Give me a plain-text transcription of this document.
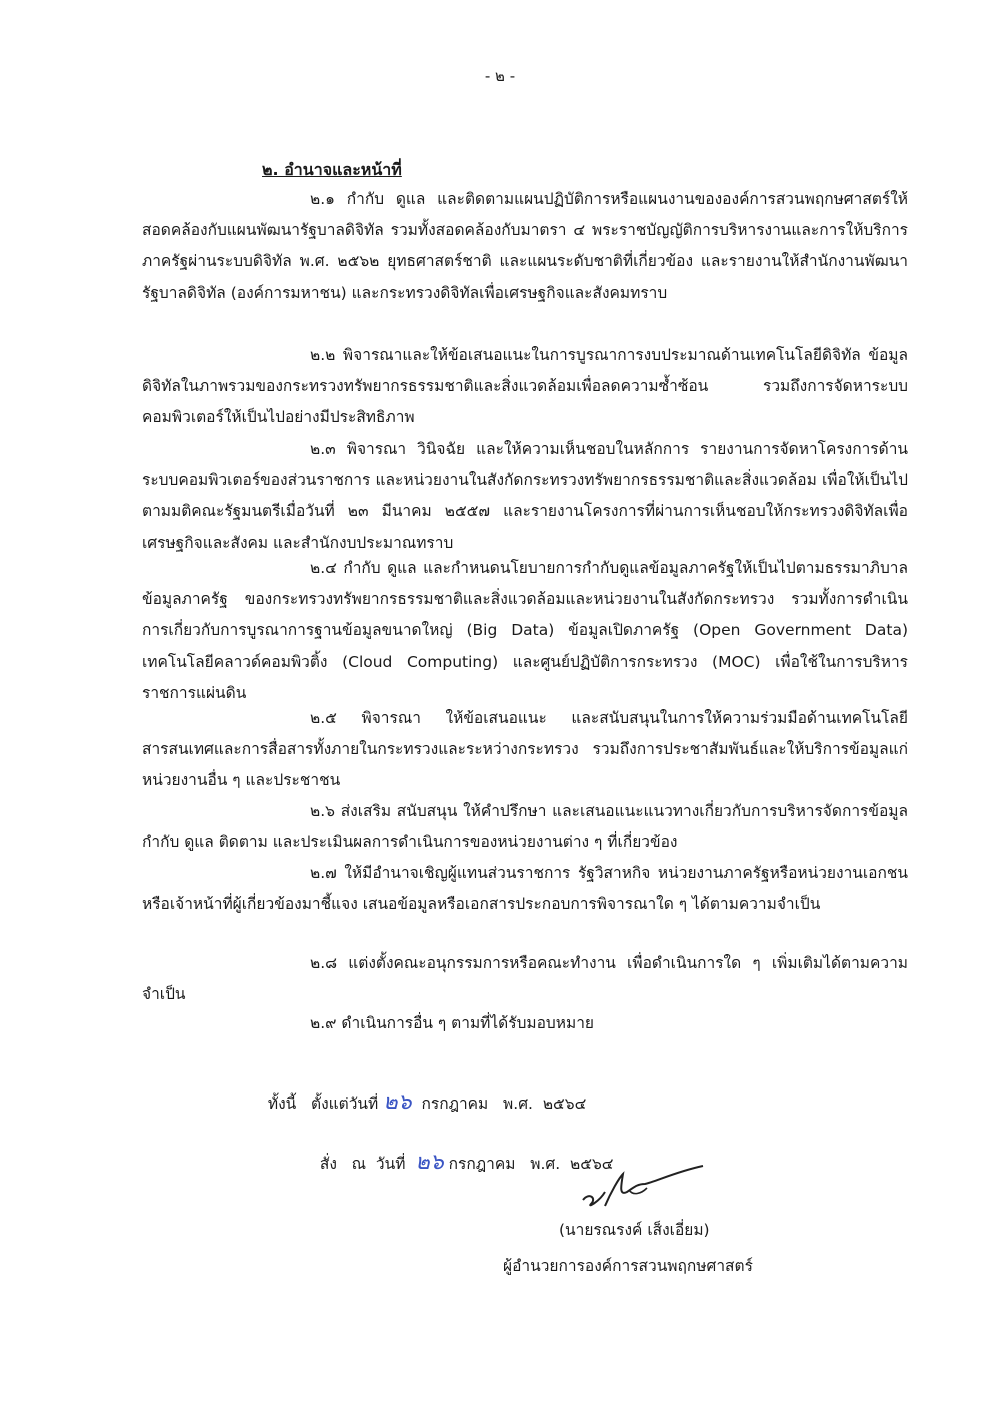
- ๒ -
๒. อำนาจและหน้าที่

๒.๑ กำกับ ดูแล และติดตามแผนปฏิบัติการหรือแผนงานขององค์การสวนพฤกษศาสตร์ให้สอดคล้องกับแผนพัฒนารัฐบาลดิจิทัล รวมทั้งสอดคล้องกับมาตรา ๔ พระราชบัญญัติการบริหารงานและการให้บริการภาครัฐผ่านระบบดิจิทัล พ.ศ. ๒๕๖๒ ยุทธศาสตร์ชาติ และแผนระดับชาติที่เกี่ยวข้อง และรายงานให้สำนักงานพัฒนารัฐบาลดิจิทัล (องค์การมหาชน) และกระทรวงดิจิทัลเพื่อเศรษฐกิจและสังคมทราบ

๒.๒ พิจารณาและให้ข้อเสนอแนะในการบูรณาการงบประมาณด้านเทคโนโลยีดิจิทัล ข้อมูลดิจิทัลในภาพรวมของกระทรวงทรัพยากรธรรมชาติและสิ่งแวดล้อมเพื่อลดความซ้ำซ้อน รวมถึงการจัดหาระบบคอมพิวเตอร์ให้เป็นไปอย่างมีประสิทธิภาพ

๒.๓ พิจารณา วินิจฉัย และให้ความเห็นชอบในหลักการ รายงานการจัดหาโครงการด้านระบบคอมพิวเตอร์ของส่วนราชการ และหน่วยงานในสังกัดกระทรวงทรัพยากรธรรมชาติและสิ่งแวดล้อม เพื่อให้เป็นไปตามมติคณะรัฐมนตรีเมื่อวันที่ ๒๓ มีนาคม ๒๕๕๗ และรายงานโครงการที่ผ่านการเห็นชอบให้กระทรวงดิจิทัลเพื่อเศรษฐกิจและสังคม และสำนักงบประมาณทราบ

๒.๔ กำกับ ดูแล และกำหนดนโยบายการกำกับดูแลข้อมูลภาครัฐให้เป็นไปตามธรรมาภิบาลข้อมูลภาครัฐ ของกระทรวงทรัพยากรธรรมชาติและสิ่งแวดล้อมและหน่วยงานในสังกัดกระทรวง รวมทั้งการดำเนินการเกี่ยวกับการบูรณาการฐานข้อมูลขนาดใหญ่ (Big Data) ข้อมูลเปิดภาครัฐ (Open Government Data) เทคโนโลยีคลาวด์คอมพิวติ้ง (Cloud Computing) และศูนย์ปฏิบัติการกระทรวง (MOC) เพื่อใช้ในการบริหารราชการแผ่นดิน

๒.๕ พิจารณา ให้ข้อเสนอแนะ และสนับสนุนในการให้ความร่วมมือด้านเทคโนโลยีสารสนเทศและการสื่อสารทั้งภายในกระทรวงและระหว่างกระทรวง รวมถึงการประชาสัมพันธ์และให้บริการข้อมูลแก่หน่วยงานอื่น ๆ และประชาชน

๒.๖ ส่งเสริม สนับสนุน ให้คำปรึกษา และเสนอแนะแนวทางเกี่ยวกับการบริหารจัดการข้อมูล กำกับ ดูแล ติดตาม และประเมินผลการดำเนินการของหน่วยงานต่าง ๆ ที่เกี่ยวข้อง

๒.๗ ให้มีอำนาจเชิญผู้แทนส่วนราชการ รัฐวิสาหกิจ หน่วยงานภาครัฐหรือหน่วยงานเอกชน หรือเจ้าหน้าที่ผู้เกี่ยวข้องมาชี้แจง เสนอข้อมูลหรือเอกสารประกอบการพิจารณาใด ๆ ได้ตามความจำเป็น

๒.๘ แต่งตั้งคณะอนุกรรมการหรือคณะทำงาน เพื่อดำเนินการใด ๆ เพิ่มเติมได้ตามความจำเป็น

๒.๙ ดำเนินการอื่น ๆ ตามที่ได้รับมอบหมาย

ทั้งนี้   ตั้งแต่วันที่ ๒๖  กรกฎาคม   พ.ศ.  ๒๕๖๔

สั่ง   ณ  วันที่  ๒๖ กรกฎาคม   พ.ศ.  ๒๕๖๔

(นายรณรงค์ เส็งเอี่ยม)
ผู้อำนวยการองค์การสวนพฤกษศาสตร์
